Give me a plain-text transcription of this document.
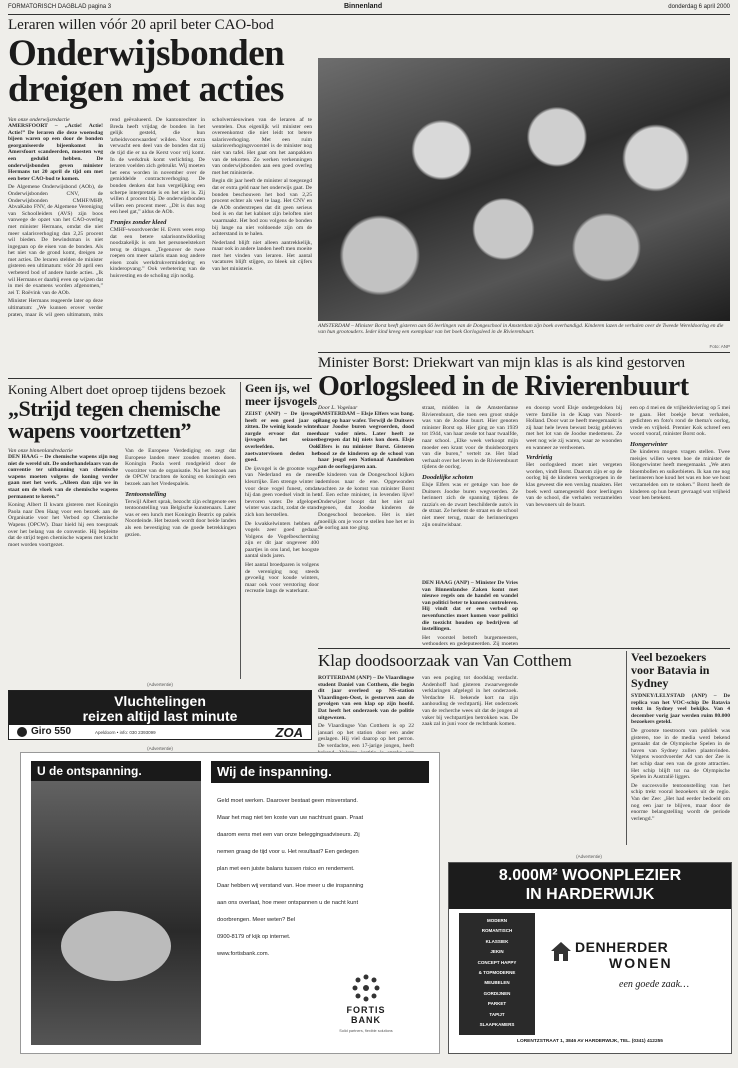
FORMATORISCH DAGBLAD pagina 3	Binnenland	donderdag 6 april 2000
Leraren willen vóór 20 april beter CAO-bod
Onderwijsbonden
dreigen met acties
Van onze onderwijsredactie
AMERSFOORT – „Actie! Actie! Actie!” De leraren die deze woensdag bijeen waren op een door de bonden georganiseerde bijeenkomst in Amersfoort scandeerden, moesten weg een gedulid hebben. De onderwijsbonden geven minister Hermans tot 20 april de tijd om met een beter CAO-bod te komen.
De Algemene Onderwijsbond (AOb), de Onderwijsbonden CNV, de Onderwijsbonden CMHF/MHP, AbvaKabo FNV, de Algemene Vereniging van Schoolleiders (AVS) zijn boos vanwege de opzet van het CAO-overleg met minister Hermans, omdat die niet meer salarisverhoging dan 2,25 procent wil bieden. De bewindsman is niet ingegaan op de eisen van de bonden. Als het niet van de grond komt, dreigen ze met acties. De leraren stelden de minister gisteren een ultimatum: vóór 20 april een verbeterd bod of andere harde acties. „Ik wil Hermans er daarbij even op wijzen dat in mei de examens worden afgenomen,” zei T. Roëvink van de AOb.
Minister Hermans reageerde later op deze ultimatum: „We kunnen erover verder praten, maar ik wil geen ultimatum, mits
rend geëvalueerd. De kantonrechter in Breda heeft vrijdag de bonden in het gelijk gesteld, die hun 'arbeidsvoorwaarden' wilden. Voor extra verwacht een deel van de bonden dat zij de tijd die er na de Kerst voor vrij komt. In de werkdruk komt verlichting. De leraren voelden zich gebruikt. Wij moeten het eens worden in november over de gemiddelde contractsverhoging. De bonden denken dat hun vergelijking een scherpe interpretatie is en het niet is. Zij willen 4 procent bij. De onderwijsbonden willen een procent meer. „Dit is dus nog een heel gat,” aldus de AOb.
Franjes zonder kleed
CMHF-woordvoerder H. Evers wees erop dat een betere salarisontwikkeling noodzakelijk is om het personeelstekort terug te dringen. „Tegenover de twee roepen om meer salaris staan nog andere eisen zoals werkdrukvermindering en kinderopvang.” Ook verbetering van de huisvesting en de scholing zijn nodig.
scholvernieuwinen van de leraren af te wentelen. Dus eigenlijk wil minister een overeenkomst die niet leidt tot betere salarisverhoging. Met een ruim salarisverhogingsvoorstel is de minister nog niet van tafel. Het gaat om het aanpakken van de tekorten. Zo werken verkenningen van onderwijsbonden aan een goed overleg met het ministerie.
Begin dit jaar heeft de minister al toegezegd dat er extra geld naar het onderwijs gaat. De bonden beschouwen het bod van 2,25 procent echter als veel te laag. Het CNV en de AOb onderstrepen dat dit geen serieus bod is en dat het kabinet zijn beloften niet waarmaakt. Het bod zou volgens de bonden bij lange na niet voldoende zijn om de achterstand in te halen.
Nederland blijft niet alleen aantrekkelijk, maar ook in andere landen heeft men moeite met het vinden van leraren. Het aantal vacatures blijft stijgen, zo bleek uit cijfers van het ministerie.
AMSTERDAM – Minister Borst heeft gisteren aan 66 leerlingen van de Dongeschool in Amsterdam zijn boek overhandigd. Kinderen lazen de verhalen over de Tweede Wereldoorlog en die van hun grootouders. Ieder kind kreeg een exemplaar van het boek Oorlogsleed in de Rivierenbuurt.
Foto: ANP
Minister Borst: Driekwart van mijn klas is als kind gestorven
Oorlogsleed in de Rivierenbuurt
Door L. Vogelaar
AMSTERDAM – Elsje Elfers was bang. Bang op haar wafer. Terwijl de Duitsers haar Joodse buren wegvoerden, dood haar vader niets. Later heeft ze begrepen dat hij niets kon doen. Elsje Elfers is nu minister Borst. Gisteren bood ze de kinderen op de school van haar jeugd een Nationaal Aandenken aan de oorlogsjaren aan.
De kinderen van de Dongeschool kijken ademloos naar de ene. Opgewonden wachten ze de komst van minister Borst af. Een echte minister, in levenden lijve! Onderwijzer hoopt dat het niet zal regenen, dat Joodse kinderen de Dongeschool bezoeken. Het is niet moeilijk om je voor te stellen hoe het er in de oorlog aan toe ging.
straat, midden in de Amsterdamse Rivierenbuurt, die toen een groot stukje was van de Joodse buurt. Hier genoten minister Borst op. Hier ging ze van 1939 tot 1944, van haar zesde tot haar twaalfde, naar school. „Elke week verkoopt mijn moeder een krant voor de thuisbezorgers van die buren,” vertelt ze. Het blad verhaalt over het leven in de Rivierenbuurt tijdens de oorlog.
Doodelijke schoten
Elsje Elfers was er getuige van hoe de Duitsers Joodse buren wegvoerden. Ze herinnert zich de spanning tijdens de razzia's en de zwart beschilderde auto's in de straat. Ze herkent de straat en de school niet meer terug, maar de herinneringen zijn onuitwisbaar.
en doorop word Elsje ondergedoken bij verre familie in de Kaap van Noord-Holland. Door wat ze heeft meegemaakt is zij haar hele leven bewust bezig gebleven met het lot van de Joodse medemens. Ze weet nog wie zij waren, waar ze woonden en wanneer ze verdwenen.
Verdrietig
Het oorlogsleed moet niet vergeten worden, vindt Borst. Daarom zijn er op de oorlog bij de kinderen werkgroepen in de klas geweest die een verslag maakten. Het boek werd samengesteld door leerlingen van de school, die verhalen verzamelden van bewoners uit de buurt.
een op 4 mei en de vrijheidsviering op 5 mei te gaan. Het boekje bevat verhalen, gedichten en foto's rond de thema's oorlog, vrede en vrijheid. Premier Kok schreef een woord vooraf, minister Borst ook.
Hongerwinter
De kinderen mogen vragen stellen. Twee meisjes willen weten hoe de minister de Hongerwinter heeft meegemaakt. „We aten bloembollen en suikerbieten. Ik kan me nog herinneren hoe koud het was en hoe we hout verzamelden om te stoken.” Borst heeft de kinderen op hun beurt gevraagd wat vrijheid voor hen betekent.
Koning Albert doet oproep tijdens bezoek
„Strijd tegen chemische wapens voortzetten”
Van onze binnenlandredactie
DEN HAAG – De chemische wapens zijn nog niet de wereld uit. De onderhandelaars van de conventie ter uitbanning van chemische wapens moeten volgens de koning verder gaan met het werk. „Alleen dan zijn we in staat om de vloek van de chemische wapens permanent te keren.”
Koning Albert II kwam gisteren met Koningin Paola naar Den Haag voor een bezoek aan de Organisatie voor het Verbod op Chemische Wapens (OPCW). Daar hield hij een toespraak over het belang van de conventie. Hij bepleitte dat de strijd tegen chemische wapens met kracht moet worden voortgezet.
Van de Europese Verdediging en zegt dat Europese landen meer zouden moeten doen. Koningin Paola werd rondgeleid door de voorzitter van de organisatie. Na het bezoek aan de OPCW brachten de koning en koningin een bezoek aan het Vredespaleis.
Tentoonstelling
Terwijl Albert sprak, bezocht zijn echtgenote een tentoonstelling van Belgische kunstenaars. Later was er een lunch met Koningin Beatrix op paleis Noordeinde. Het bezoek wordt door beide landen als een bevestiging van de goede betrekkingen gezien.
Geen ijs, wel meer ijsvogels
ZEIST (ANP) – De ijsvogel heeft er een goed jaar op zitten. De weinig koude winter zorgde ervoor dat meer ijsvogels het seizoen overleefden. Ook zoetwatervissen deden het goed.
De ijsvogel is de grootste vogel van Nederland en de meest kleurrijke. Een strenge winter is voor deze vogel funest, omdat hij dan geen voedsel vindt in het bevroren water. De afgelopen winter was zacht, zodat de stand zich kon herstellen.
De kwakkelwinters hebben de vogels zeer goed gedaan. Volgens de Vogelbescherming zijn er dit jaar ongeveer 400 paartjes in ons land, het hoogste aantal sinds jaren.
Het aantal broedparen is volgens de vereniging nog steeds gevoelig voor koude winters, maar ook voor verstoring door recreatie langs de waterkant.
DEN HAAG (ANP) – Minister De Vries van Binnenlandse Zaken komt met nieuwe regels om de handel en wandel van politici beter te kunnen controleren. Hij vindt dat er een verbod op nevenfuncties moet komen voor politici die toezicht houden op bedrijven of instellingen.
Het voorstel betreft burgemeesters, wethouders en gedeputeerden. Zij moeten
Klap doodsoorzaak van Van Cotthem
ROTTERDAM (ANP) – De Vlaardingse student Daniel van Cotthem, die begin dit jaar overleed op NS-station Vlaardingen-Oost, is gestorven aan de gevolgen van een klap op zijn hoofd. Dat heeft het onderzoek van de politie uitgewezen.
De Vlaardingse Van Cotthem is op 22 januari op het station door een ander geslagen. Hij viel daarop op het perron. De verdachte, een 17-jarige jongen, heeft
van een poging tot doodslag verdacht. Andenhoff had gisteren zwaarwegende verklaringen afgelegd in het onderzoek. Verdachte H. bekende kort na zijn aanhouding de vechtpartij. Het onderzoek van de recherche wees uit dat de jongen al vaker bij vechtpartijen betrokken was. De zaak zal in juni voor de rechtbank komen.
Veel bezoekers voor Batavia in Sydney
SYDNEY/LELYSTAD (ANP) – De replica van het VOC-schip De Batavia trekt in Sydney veel bekijks. Van 4 december vorig jaar werden ruim 80.000 bezoekers geteld.
De grootste toestroom van publiek was gisteren, toe in de media werd bekend gemaakt dat de Olympische Spelen in de haven van Sydney zullen plaatsvinden. Volgens woordvoerder Ad van der Zee is het schip daar een van de grote attracties. Het schip blijft tot na de Olympische Spelen in Australië liggen.
De succesvolle tentoonstelling van het schip trekt vooral bezoekers uit de regio. Van der Zee: „Het had eerder bedoeld om nog een jaar te blijven, maar door de enorme belangstelling wordt de periode verlengd.”
(Advertentie)
Vluchtelingen
reizen altijd last minute
Giro 550	Apeldoorn • info: 030 2393099	ZOA
(Advertentie)
U de ontspanning.	Wij de inspanning.
Geld moet werken. Daarover bestaat geen misverstand.
Maar het mag niet ten koste van uw nachtrust gaan. Praat
daarom eens met een van onze beleggingsadviseurs. Zij
nemen graag de tijd voor u. Het resultaat? Een gedegen
plan met een juiste balans tussen risico en rendement.
Daar hebben wij verstand van. Hoe meer u die inspanning
aan ons overlaat, hoe meer ontspannen u de nacht kunt
doorbrengen. Meer weten? Bel
0900-8179 of kijk op internet.
www.fortisbank.com.
FORTIS
BANK
Solid partners, flexible solutions
(Advertentie)
8.000M² WOONPLEZIER
IN HARDERWIJK
MODERN
ROMANTISCH
KLASSIEK
JEKIN
CONCEPT HAPPY
& TOPMODERNE
MEUBELEN
GORDIJNEN
PARKET
TAPIJT
SLAAPKAMERS
DENHERDER
WONEN
een goede zaak…
LORENTZSTRAAT 1, 3846 AV HARDERWIJK, TEL. (0341) 412255
